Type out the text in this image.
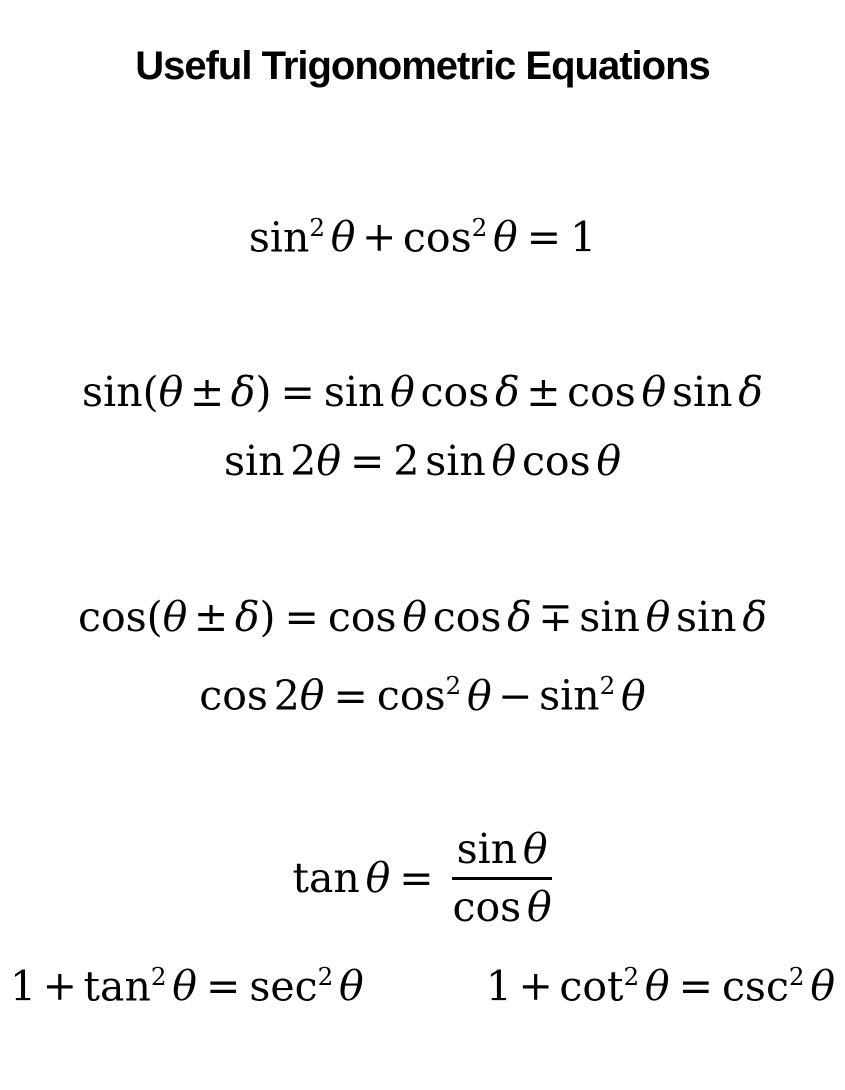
Useful Trigonometric Equations
$\sin^2 \theta + \cos^2 \theta = 1$
sin(θ ± δ) = sin θ cos δ ± cos θ sin δ
sin 2θ = 2 sin θ cos θ
cos(θ ± δ) = cos θ cos δ ∓ sin θ sin δ
$\cos 2\theta = \cos^2 \theta - \sin^2 \theta$
$\tan \theta = \frac{\text{sin θ}}{\text{cos θ}}$
$1 + \tan^2 \theta = \sec^2 \theta$	$1 + \cot^2 \theta = \csc^2 \theta$
